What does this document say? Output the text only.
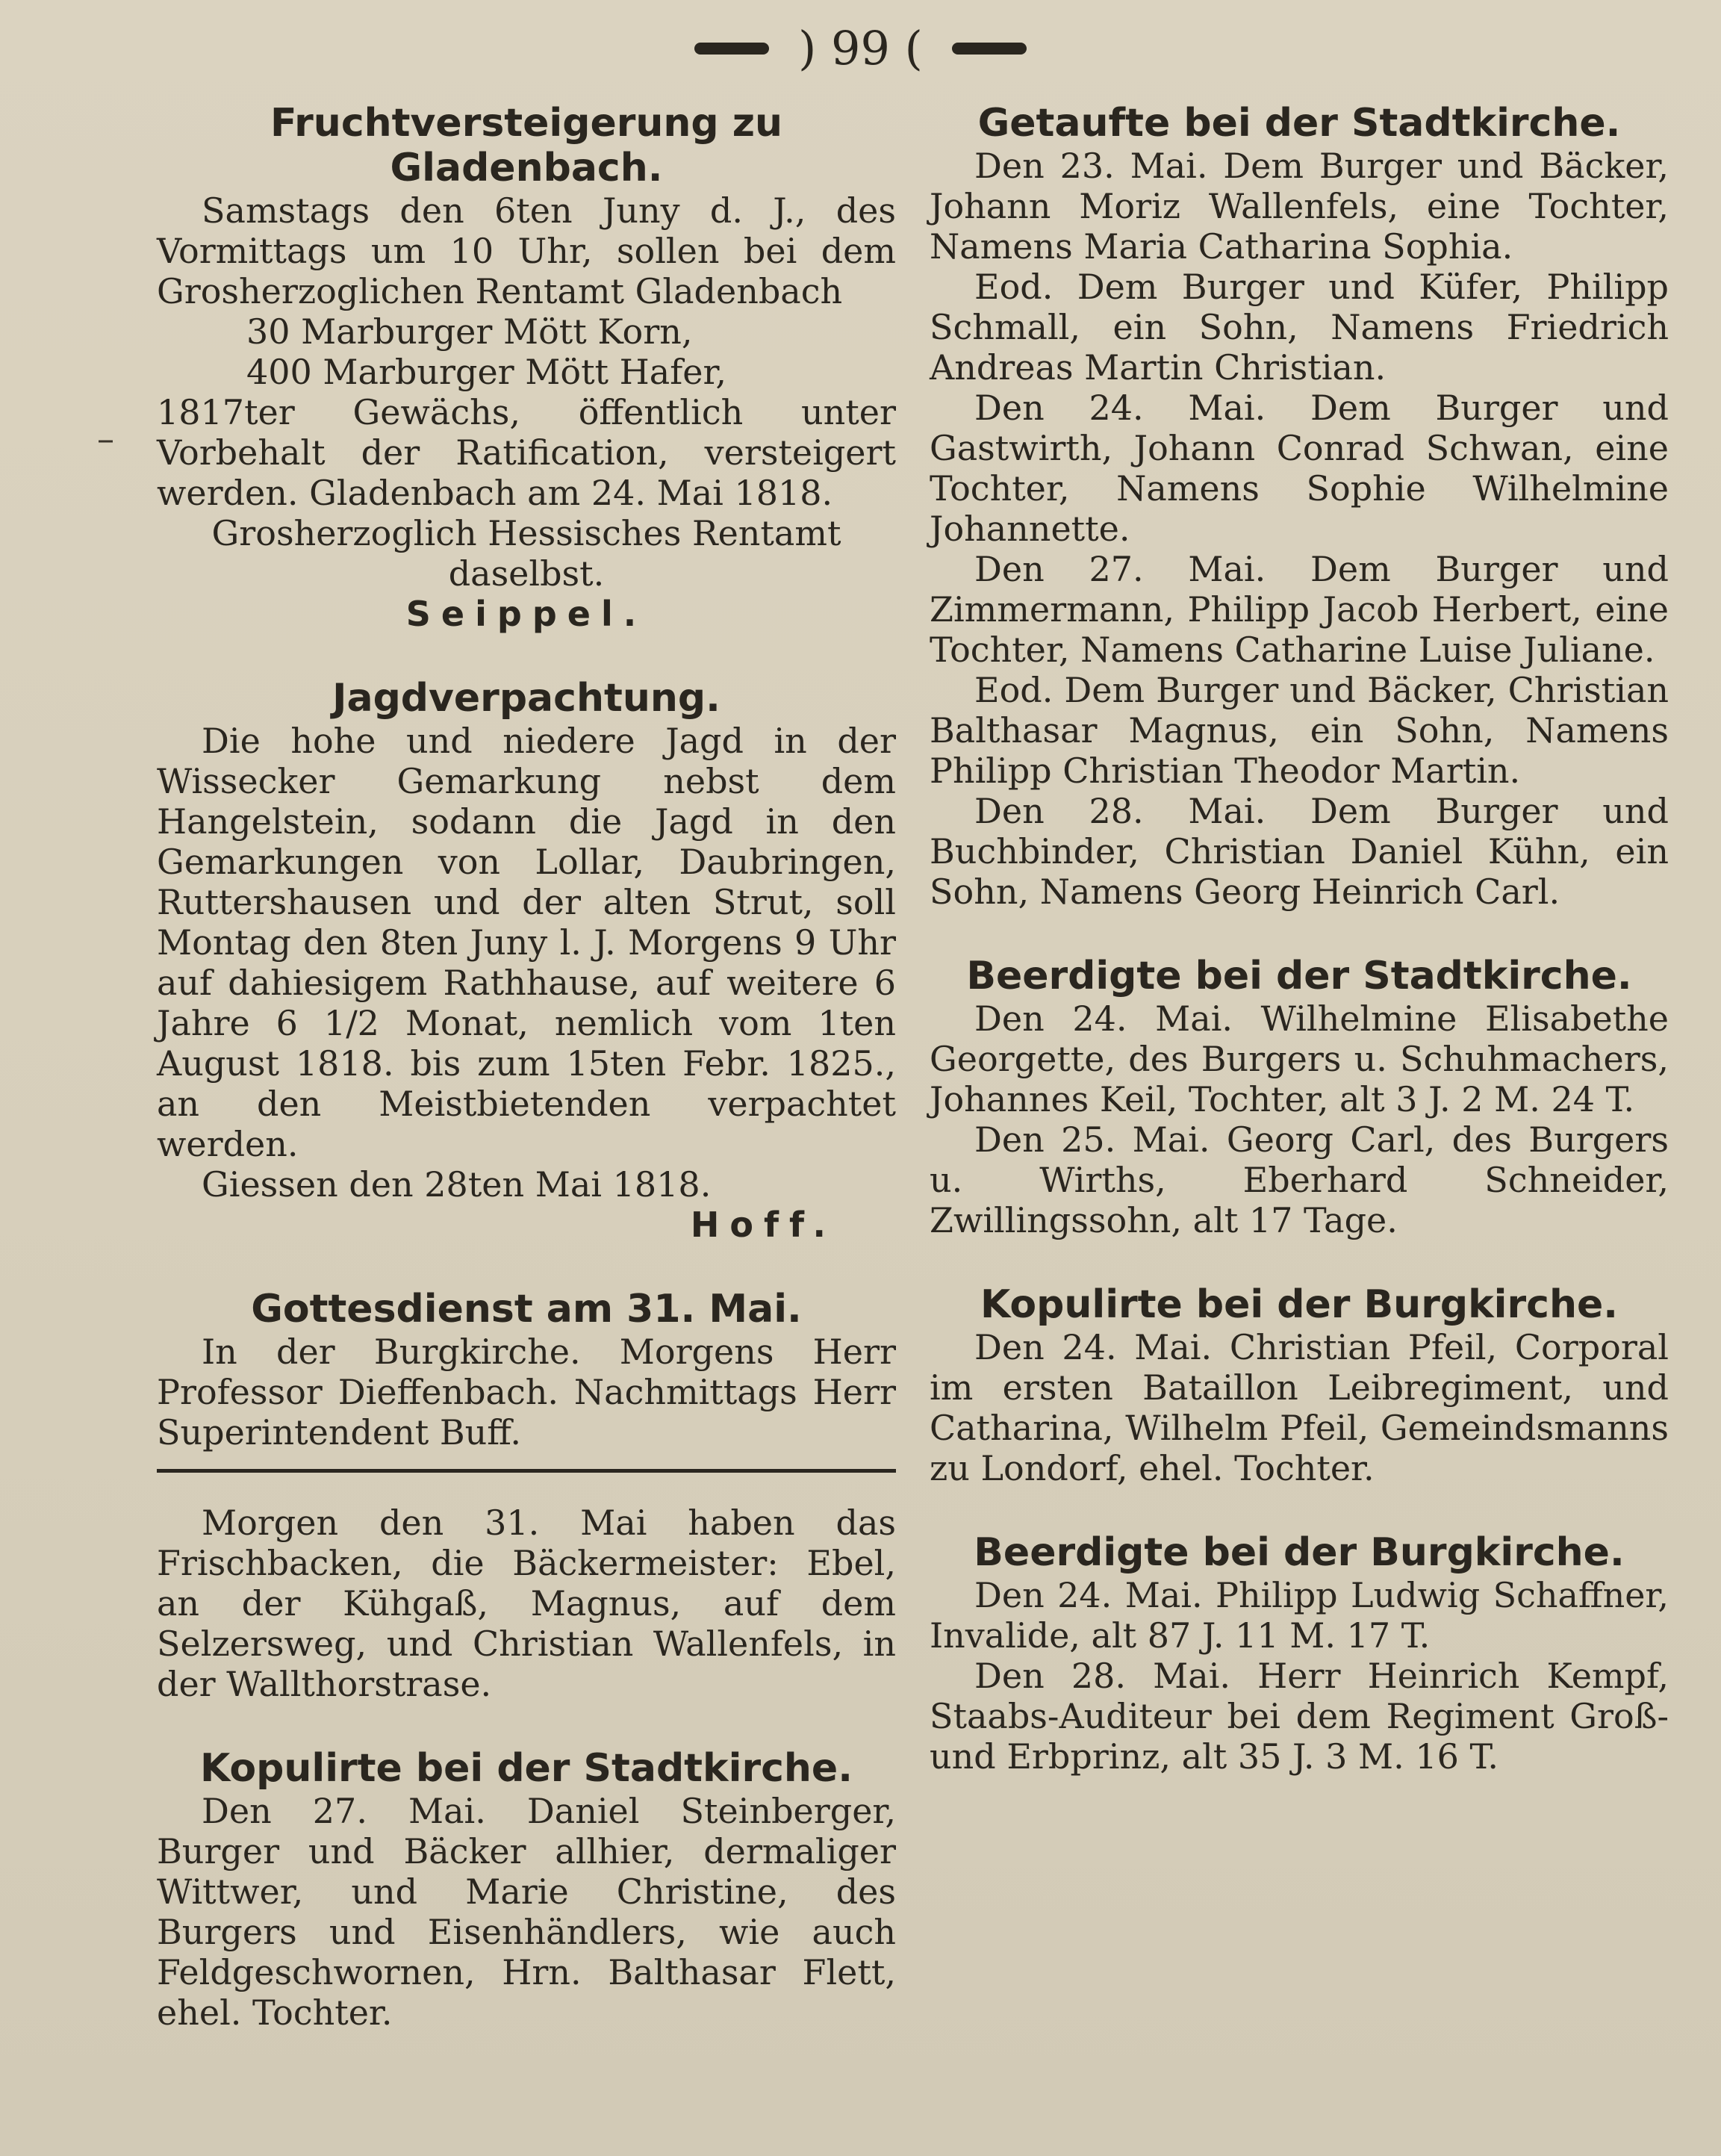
) 99 (
–
Fruchtversteigerung zu Gladenbach.

Samstags den 6ten Juny d. J., des Vormittags um 10 Uhr, sollen bei dem Grosherzoglichen Rentamt Gladenbach

30 Marburger Mött Korn,
400 Marburger Mött Hafer,

1817ter Gewächs, öffentlich unter Vorbehalt der Ratification, versteigert werden. Gladenbach am 24. Mai 1818.

Grosherzoglich Hessisches Rentamt daselbst.

Seippel.

Jagdverpachtung.

Die hohe und niedere Jagd in der Wissecker Gemarkung nebst dem Hangelstein, sodann die Jagd in den Gemarkungen von Lollar, Daubringen, Ruttershausen und der alten Strut, soll Montag den 8ten Juny l. J. Morgens 9 Uhr auf dahiesigem Rathhause, auf weitere 6 Jahre 6 1/2 Monat, nemlich vom 1ten August 1818. bis zum 15ten Febr. 1825., an den Meistbietenden verpachtet werden.

Giessen den 28ten Mai 1818.

Hoff.

Gottesdienst am 31. Mai.

In der Burgkirche. Morgens Herr Professor Dieffenbach. Nachmittags Herr Superintendent Buff.

Morgen den 31. Mai haben das Frischbacken, die Bäckermeister: Ebel, an der Kühgaß, Magnus, auf dem Selzersweg, und Christian Wallenfels, in der Wallthorstrase.

Kopulirte bei der Stadtkirche.

Den 27. Mai. Daniel Steinberger, Burger und Bäcker allhier, dermaliger Wittwer, und Marie Christine, des Burgers und Eisenhändlers, wie auch Feldgeschwornen, Hrn. Balthasar Flett, ehel. Tochter.

Getaufte bei der Stadtkirche.

Den 23. Mai. Dem Burger und Bäcker, Johann Moriz Wallenfels, eine Tochter, Namens Maria Catharina Sophia.

Eod. Dem Burger und Küfer, Philipp Schmall, ein Sohn, Namens Friedrich Andreas Martin Christian.

Den 24. Mai. Dem Burger und Gastwirth, Johann Conrad Schwan, eine Tochter, Namens Sophie Wilhelmine Johannette.

Den 27. Mai. Dem Burger und Zimmermann, Philipp Jacob Herbert, eine Tochter, Namens Catharine Luise Juliane.

Eod. Dem Burger und Bäcker, Christian Balthasar Magnus, ein Sohn, Namens Philipp Christian Theodor Martin.

Den 28. Mai. Dem Burger und Buchbinder, Christian Daniel Kühn, ein Sohn, Namens Georg Heinrich Carl.

Beerdigte bei der Stadtkirche.

Den 24. Mai. Wilhelmine Elisabethe Georgette, des Burgers u. Schuhmachers, Johannes Keil, Tochter, alt 3 J. 2 M. 24 T.

Den 25. Mai. Georg Carl, des Burgers u. Wirths, Eberhard Schneider, Zwillingssohn, alt 17 Tage.

Kopulirte bei der Burgkirche.

Den 24. Mai. Christian Pfeil, Corporal im ersten Bataillon Leibregiment, und Catharina, Wilhelm Pfeil, Gemeindsmanns zu Londorf, ehel. Tochter.

Beerdigte bei der Burgkirche.

Den 24. Mai. Philipp Ludwig Schaffner, Invalide, alt 87 J. 11 M. 17 T.

Den 28. Mai. Herr Heinrich Kempf, Staabs-Auditeur bei dem Regiment Groß- und Erbprinz, alt 35 J. 3 M. 16 T.
